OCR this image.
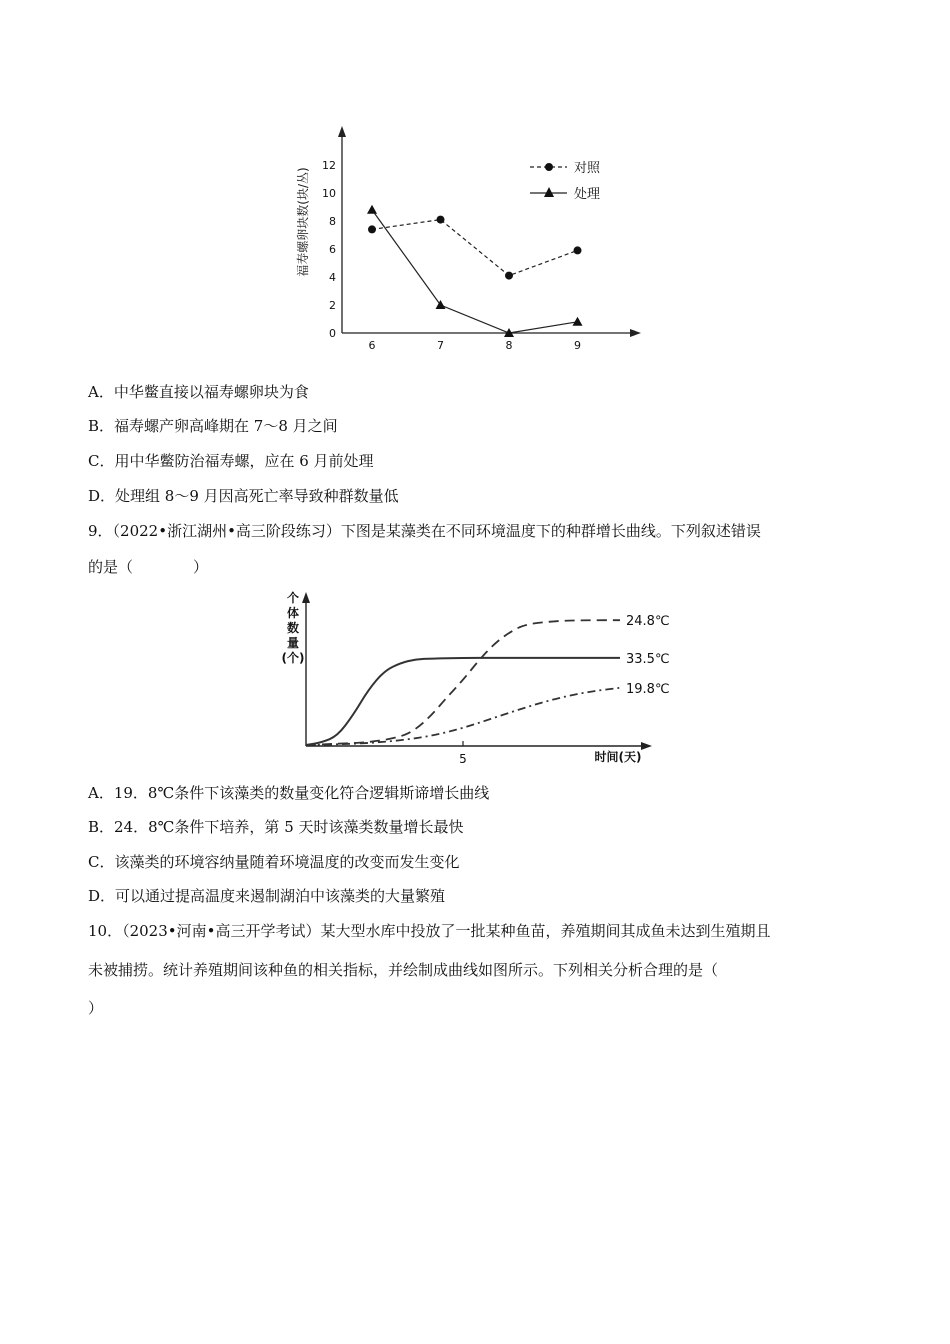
福寿螺卵块数(块/丛)
0
2
4
6
8
10
12
6	7	8	9
对照
处理
A．中华鳖直接以福寿螺卵块为食
B．福寿螺产卵高峰期在 7～8 月之间
C．用中华鳖防治福寿螺，应在 6 月前处理
D．处理组 8～9 月因高死亡率导致种群数量低
9．（2022•浙江湖州•高三阶段练习）下图是某藻类在不同环境温度下的种群增长曲线。下列叙述错误
的是（　　　　）
个体数量(个)
5	时间(天)
24.8℃
33.5℃
19.8℃
A．19．8℃条件下该藻类的数量变化符合逻辑斯谛增长曲线
B．24．8℃条件下培养，第 5 天时该藻类数量增长最快
C．该藻类的环境容纳量随着环境温度的改变而发生变化
D．可以通过提高温度来遏制湖泊中该藻类的大量繁殖
10．（2023•河南•高三开学考试）某大型水库中投放了一批某种鱼苗，养殖期间其成鱼未达到生殖期且
未被捕捞。统计养殖期间该种鱼的相关指标，并绘制成曲线如图所示。下列相关分析合理的是（
）
